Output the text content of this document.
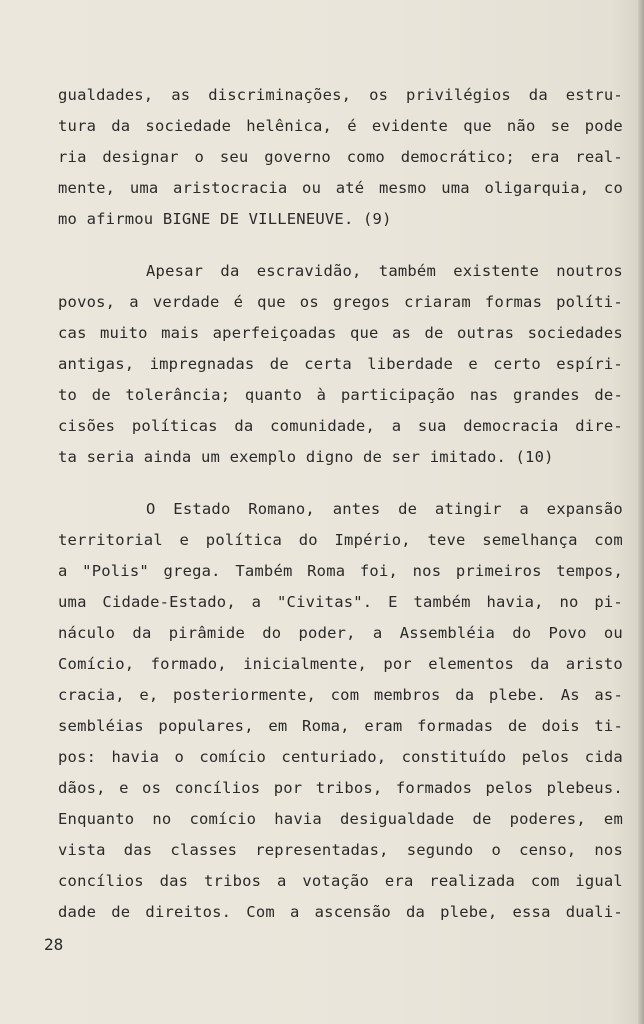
gualdades, as discriminações, os privilégios da estru-
tura da sociedade helênica, é evidente que não se pode
ria designar o seu governo como democrático; era real-
mente, uma aristocracia ou até mesmo uma oligarquia, co
mo afirmou BIGNE DE VILLENEUVE. (9)
Apesar da escravidão, também existente noutros
povos, a verdade é que os gregos criaram formas políti-
cas muito mais aperfeiçoadas que as de outras sociedades
antigas, impregnadas de certa liberdade e certo espíri-
to de tolerância; quanto à participação nas grandes de-
cisões políticas da comunidade, a sua democracia dire-
ta seria ainda um exemplo digno de ser imitado. (10)
O Estado Romano, antes de atingir a expansão
territorial e política do Império, teve semelhança com
a "Polis" grega. Também Roma foi, nos primeiros tempos,
uma Cidade-Estado, a "Civitas". E também havia, no pi-
náculo da pirâmide do poder, a Assembléia do Povo ou
Comício, formado, inicialmente, por elementos da aristo
cracia, e, posteriormente, com membros da plebe. As as-
sembléias populares, em Roma, eram formadas de dois ti-
pos: havia o comício centuriado, constituído pelos cida
dãos, e os concílios por tribos, formados pelos plebeus.
Enquanto no comício havia desigualdade de poderes, em
vista das classes representadas, segundo o censo, nos
concílios das tribos a votação era realizada com igual
dade de direitos. Com a ascensão da plebe, essa duali-
28
